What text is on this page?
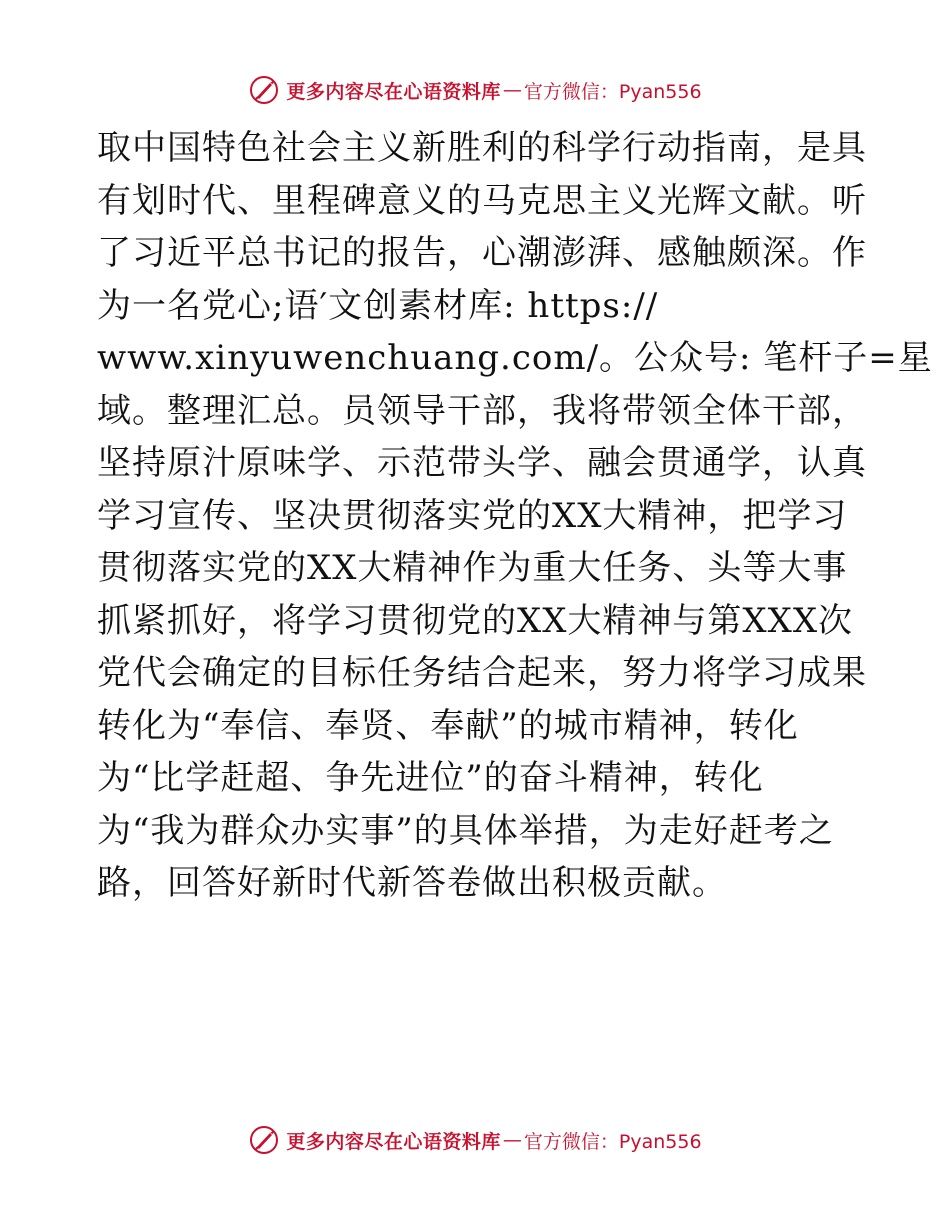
更多内容尽在心语资料库 — 官方微信：Pyan556
取中国特色社会主义新胜利的科学行动指南，是具
有划时代、里程碑意义的马克思主义光辉文献。听
了习近平总书记的报告，心潮澎湃、感触颇深。作
为一名党心;语′文创素材库: https://
www.xinyuwenchuang.com/。公众号: 笔杆子=星
域。整理汇总。员领导干部，我将带领全体干部，
坚持原汁原味学、示范带头学、融会贯通学，认真
学习宣传、坚决贯彻落实党的XX大精神，把学习
贯彻落实党的XX大精神作为重大任务、头等大事
抓紧抓好，将学习贯彻党的XX大精神与第XXX次
党代会确定的目标任务结合起来，努力将学习成果
转化为“奉信、奉贤、奉献”的城市精神，转化
为“比学赶超、争先进位”的奋斗精神，转化
为“我为群众办实事”的具体举措，为走好赶考之
路，回答好新时代新答卷做出积极贡献。
更多内容尽在心语资料库 — 官方微信：Pyan556
